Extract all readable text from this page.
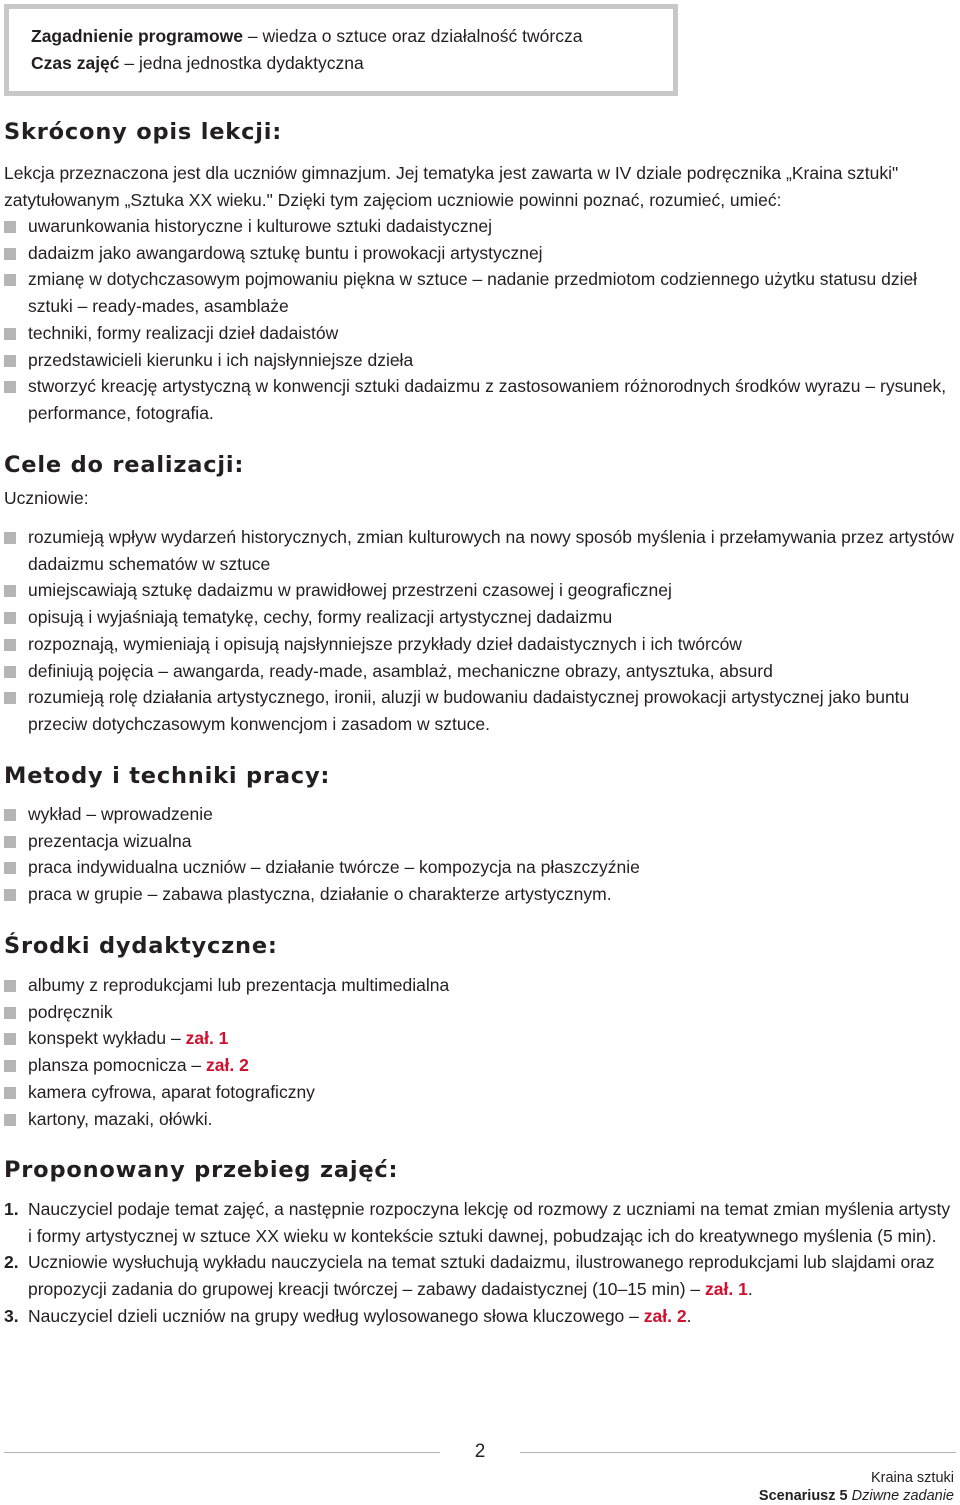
Zagadnienie programowe – wiedza o sztuce oraz działalność twórcza
Czas zajęć – jedna jednostka dydaktyczna
Skrócony opis lekcji:
Lekcja przeznaczona jest dla uczniów gimnazjum. Jej tematyka jest zawarta w IV dziale podręcznika „Kraina sztuki" zatytułowanym „Sztuka XX wieku." Dzięki tym zajęciom uczniowie powinni poznać, rozumieć, umieć:
uwarunkowania historyczne i kulturowe sztuki dadaistycznej
dadaizm jako awangardową sztukę buntu i prowokacji artystycznej
zmianę w dotychczasowym pojmowaniu piękna w sztuce – nadanie przedmiotom codziennego użytku statusu dzieł sztuki – ready-mades, asamblaże
techniki, formy realizacji dzieł dadaistów
przedstawicieli kierunku i ich najsłynniejsze dzieła
stworzyć kreację artystyczną w konwencji sztuki dadaizmu z zastosowaniem różnorodnych środków wyrazu – rysunek, performance, fotografia.
Cele do realizacji:
Uczniowie:
rozumieją wpływ wydarzeń historycznych, zmian kulturowych na nowy sposób myślenia i przełamywania przez artystów dadaizmu schematów w sztuce
umiejscawiają sztukę dadaizmu w prawidłowej przestrzeni czasowej i geograficznej
opisują i wyjaśniają tematykę, cechy, formy realizacji artystycznej dadaizmu
rozpoznają, wymieniają i opisują najsłynniejsze przykłady dzieł dadaistycznych i ich twórców
definiują pojęcia – awangarda, ready-made, asamblaż, mechaniczne obrazy, antysztuka, absurd
rozumieją rolę działania artystycznego, ironii, aluzji w budowaniu dadaistycznej prowokacji artystycznej jako buntu przeciw dotychczasowym konwencjom i zasadom w sztuce.
Metody i techniki pracy:
wykład – wprowadzenie
prezentacja wizualna
praca indywidualna uczniów – działanie twórcze – kompozycja na płaszczyźnie
praca w grupie – zabawa plastyczna, działanie o charakterze artystycznym.
Środki dydaktyczne:
albumy z reprodukcjami lub prezentacja multimedialna
podręcznik
konspekt wykładu – zał. 1
plansza pomocnicza – zał. 2
kamera cyfrowa, aparat fotograficzny
kartony, mazaki, ołówki.
Proponowany przebieg zajęć:
1. Nauczyciel podaje temat zajęć, a następnie rozpoczyna lekcję od rozmowy z uczniami na temat zmian myślenia artysty i formy artystycznej w sztuce XX wieku w kontekście sztuki dawnej, pobudzając ich do kreatywnego myślenia (5 min).
2. Uczniowie wysłuchują wykładu nauczyciela na temat sztuki dadaizmu, ilustrowanego reprodukcjami lub slajdami oraz propozycji zadania do grupowej kreacji twórczej – zabawy dadaistycznej (10–15 min) – zał. 1.
3. Nauczyciel dzieli uczniów na grupy według wylosowanego słowa kluczowego – zał. 2.
2
Kraina sztuki
Scenariusz 5 Dziwne zadanie
